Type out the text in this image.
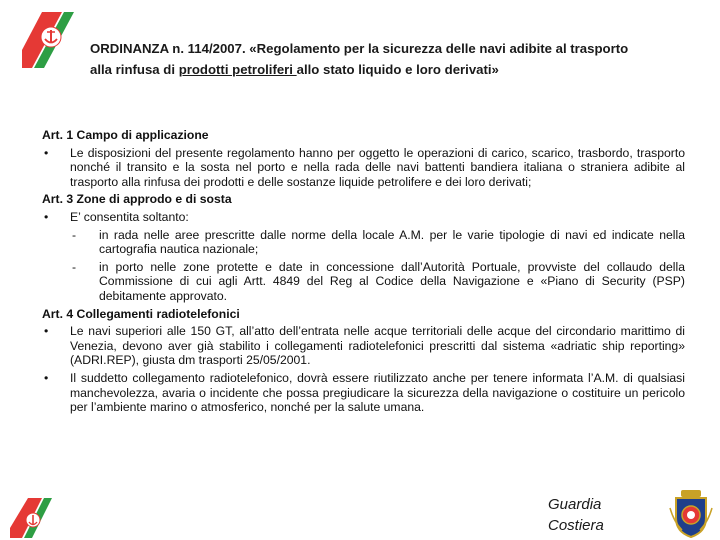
ORDINANZA n. 114/2007. «Regolamento per la sicurezza delle navi adibite al trasporto
alla rinfusa di prodotti petroliferi allo stato liquido e loro derivati»
Art. 1 Campo di applicazione
• Le disposizioni del presente regolamento hanno per oggetto le operazioni di carico, scarico, trasbordo, trasporto nonché il transito e la sosta nel porto e nella rada delle navi battenti bandiera italiana o straniera adibite al trasporto alla rinfusa dei prodotti e delle sostanze liquide petrolifere e dei loro derivati;
Art. 3 Zone di approdo e di sosta
• E’ consentita soltanto:
- in rada nelle aree prescritte dalle norme della locale A.M. per le varie tipologie di navi ed indicate nella cartografia nautica nazionale;
- in porto nelle zone protette e date in concessione dall’Autorità Portuale, provviste del collaudo della Commissione di cui agli Artt. 4849 del Reg al Codice della Navigazione e «Piano di Security (PSP) debitamente approvato.
Art. 4 Collegamenti radiotelefonici
• Le navi superiori alle 150 GT, all’atto dell’entrata nelle acque territoriali delle acque del circondario marittimo di Venezia, devono aver già stabilito i collegamenti radiotelefonici prescritti dal sistema «adriatic ship reporting» (ADRI.REP), giusta dm trasporti 25/05/2001.
• Il suddetto collegamento radiotelefonico, dovrà essere riutilizzato anche per tenere informata l’A.M. di qualsiasi manchevolezza, avaria o incidente che possa pregiudicare la sicurezza della navigazione o costituire un pericolo per l’ambiente marino o atmosferico, nonché per la salute umana.
Guardia
Costiera
